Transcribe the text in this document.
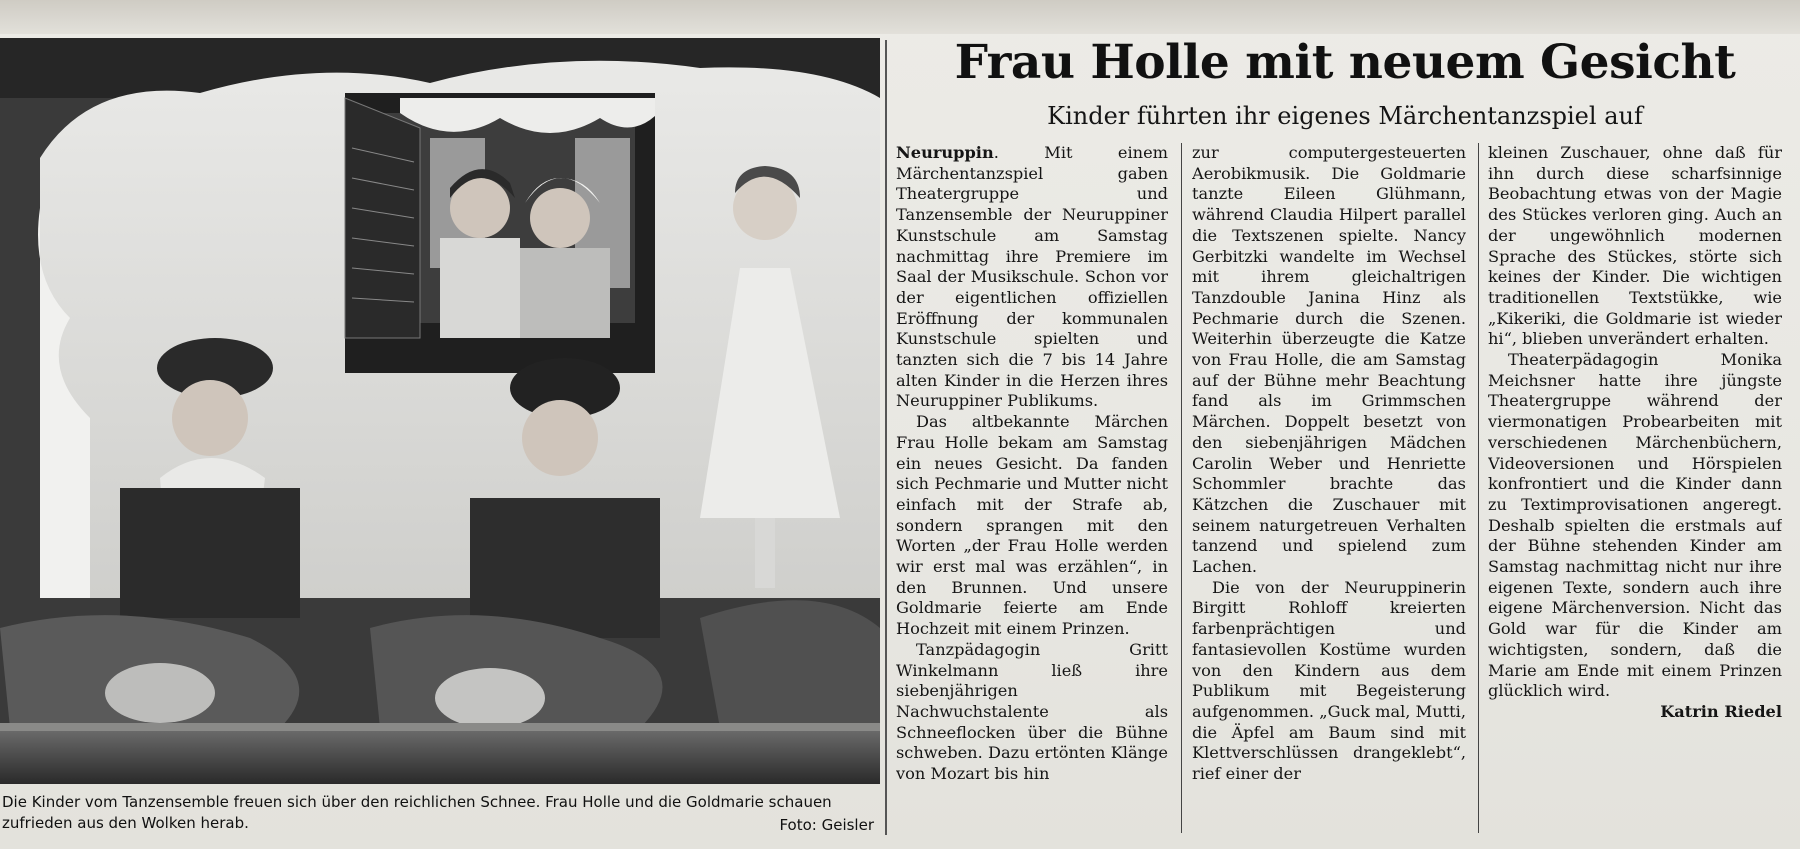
Die Kinder vom Tanzensemble freuen sich über den reichlichen Schnee. Frau Holle und die Goldmarie schauen zufrieden aus den Wolken herab.	Foto: Geisler
Frau Holle mit neuem Gesicht
Kinder führten ihr eigenes Märchentanzspiel auf

Neuruppin. Mit einem Märchentanzspiel gaben Theatergruppe und Tanzensemble der Neuruppiner Kunstschule am Samstag nachmittag ihre Premiere im Saal der Musikschule. Schon vor der eigentlichen offiziellen Eröffnung der kommunalen Kunstschule spielten und tanzten sich die 7 bis 14 Jahre alten Kinder in die Herzen ihres Neuruppiner Publikums.

Das altbekannte Märchen Frau Holle bekam am Samstag ein neues Gesicht. Da fanden sich Pechmarie und Mutter nicht einfach mit der Strafe ab, sondern sprangen mit den Worten „der Frau Holle werden wir erst mal was erzählen“, in den Brunnen. Und unsere Goldmarie feierte am Ende Hochzeit mit einem Prinzen.

Tanzpädagogin Gritt Winkelmann ließ ihre siebenjährigen Nachwuchstalente als Schneeflocken über die Bühne schweben. Dazu ertönten Klänge von Mozart bis hin

zur computergesteuerten Aerobikmusik. Die Goldmarie tanzte Eileen Glühmann, während Claudia Hilpert parallel die Textszenen spielte. Nancy Gerbitzki wandelte im Wechsel mit ihrem gleichaltrigen Tanzdouble Janina Hinz als Pechmarie durch die Szenen. Weiterhin überzeugte die Katze von Frau Holle, die am Samstag auf der Bühne mehr Beachtung fand als im Grimmschen Märchen. Doppelt besetzt von den siebenjährigen Mädchen Carolin Weber und Henriette Schommler brachte das Kätzchen die Zuschauer mit seinem naturgetreuen Verhalten tanzend und spielend zum Lachen.

Die von der Neuruppinerin Birgitt Rohloff kreierten farbenprächtigen und fantasievollen Kostüme wurden von den Kindern aus dem Publikum mit Begeisterung aufgenommen. „Guck mal, Mutti, die Äpfel am Baum sind mit Klettverschlüssen drangeklebt“, rief einer der

kleinen Zuschauer, ohne daß für ihn durch diese scharfsinnige Beobachtung etwas von der Magie des Stückes verloren ging. Auch an der ungewöhnlich modernen Sprache des Stückes, störte sich keines der Kinder. Die wichtigen traditionellen Textstükke, wie „Kikeriki, die Goldmarie ist wieder hi“, blieben unverändert erhalten.

Theaterpädagogin Monika Meichsner hatte ihre jüngste Theatergruppe während der viermonatigen Probearbeiten mit verschiedenen Märchenbüchern, Videoversionen und Hörspielen konfrontiert und die Kinder dann zu Textimprovisationen angeregt. Deshalb spielten die erstmals auf der Bühne stehenden Kinder am Samstag nachmittag nicht nur ihre eigenen Texte, sondern auch ihre eigene Märchenversion. Nicht das Gold war für die Kinder am wichtigsten, sondern, daß die Marie am Ende mit einem Prinzen glücklich wird.

Katrin Riedel
